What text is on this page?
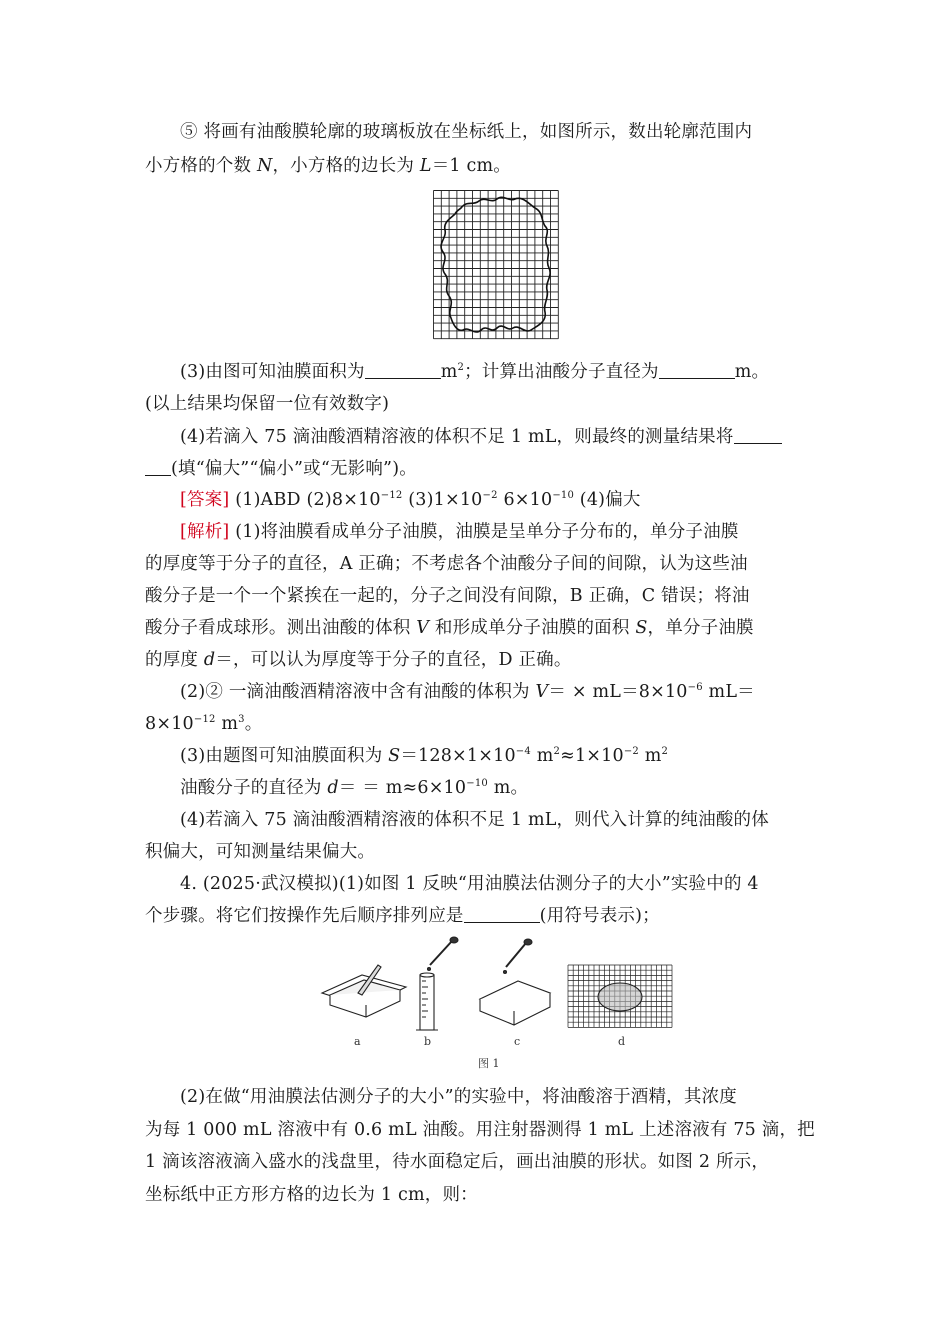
⑤ 将画有油酸膜轮廓的玻璃板放在坐标纸上，如图所示，数出轮廓范围内

小方格的个数 N，小方格的边长为 L＝1 cm。

(3)由图可知油膜面积为	$m^2$；计算出油酸分子直径为	m。

(以上结果均保留一位有效数字)

(4)若滴入 75 滴油酸酒精溶液的体积不足 1 mL，则最终的测量结果将

(填“偏大”“偏小”或“无影响”)。

[答案] (1)ABD $(2)8\times 10^{-12}$ $(3)1\times 10^{-2}$ $6\times 10^{-10}$ (4)偏大

[解析] (1)将油膜看成单分子油膜，油膜是呈单分子分布的，单分子油膜

的厚度等于分子的直径，A 正确；不考虑各个油酸分子间的间隙，认为这些油

酸分子是一个一个紧挨在一起的，分子之间没有间隙，B 正确，C 错误；将油

酸分子看成球形。测出油酸的体积 V 和形成单分子油膜的面积 S，单分子油膜

的厚度 d＝，可以认为厚度等于分子的直径，D 正确。

(2)② 一滴油酸酒精溶液中含有油酸的体积为 $V= \times mL=8\times 10^{-6}$ mL＝

$8\times 10^{-12}$ $m^3$。

(3)由题图可知油膜面积为 $S=128\times 1\times 10^{-4}$ $m^2\approx 1\times 10^{-2}$ $m^2$

油酸分子的直径为 $d= = m\approx 6\times 10^{-10}$ m。

(4)若滴入 75 滴油酸酒精溶液的体积不足 1 mL，则代入计算的纯油酸的体

积偏大，可知测量结果偏大。

4. (2025·武汉模拟)(1)如图 1 反映“用油膜法估测分子的大小”实验中的 4

个步骤。将它们按操作先后顺序排列应是	(用符号表示)；

a	b	c	d
图 1

(2)在做“用油膜法估测分子的大小”的实验中，将油酸溶于酒精，其浓度

为每 1 000 mL 溶液中有 0.6 mL 油酸。用注射器测得 1 mL 上述溶液有 75 滴，把

1 滴该溶液滴入盛水的浅盘里，待水面稳定后，画出油膜的形状。如图 2 所示，

坐标纸中正方形方格的边长为 1 cm，则：
